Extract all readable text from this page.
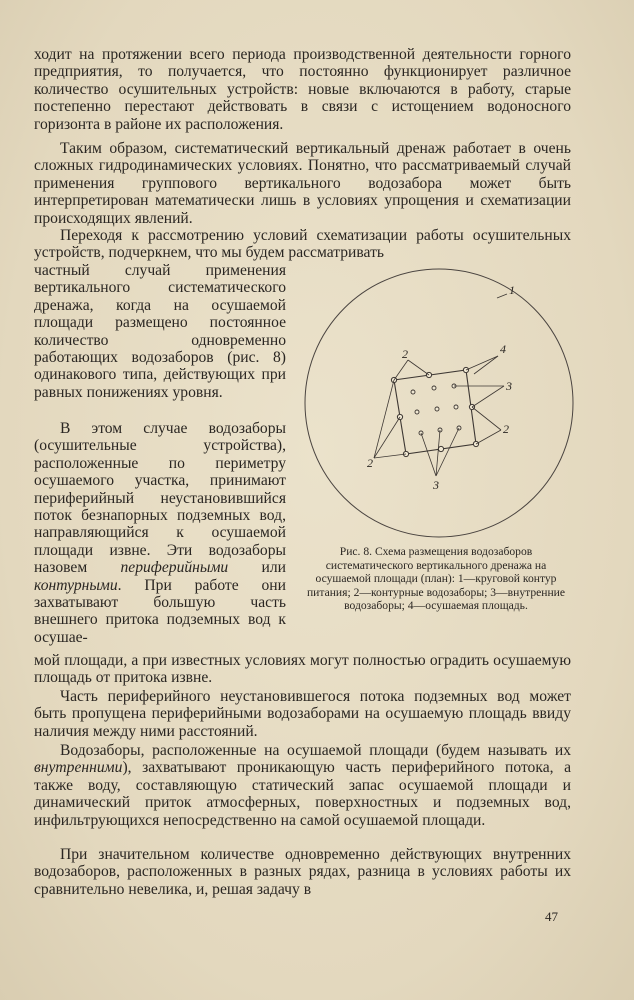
ходит на протяжении всего периода производственной деятельности горного предприятия, то получается, что постоянно функционирует различное количество осушительных устройств: новые включаются в работу, старые постепенно перестают действовать в связи с истощением водоносного горизонта в районе их расположения.

Таким образом, систематический вертикальный дренаж работает в очень сложных гидродинамических условиях. Понятно, что рассматриваемый случай применения группового вертикального водозабора может быть интерпретирован математически лишь в условиях упрощения и схематизации происходящих явлений.

Переходя к рассмотрению условий схематизации работы осушительных устройств, подчеркнем, что мы будем рассматривать

частный случай применения вертикального систематического дренажа, когда на осушаемой площади размещено постоянное количество одновременно работающих водозаборов (рис. 8) одинакового типа, действующих при равных понижениях уровня.

В этом случае водозаборы (осушительные устройства), расположенные по периметру осушаемого участка, принимают периферийный неустановившийся поток безнапорных подземных вод, направляющийся к осушаемой площади извне. Эти водозаборы назовем периферийными или контурными. При работе они захватывают большую часть внешнего притока подземных вод к осушае-

мой площади, а при известных условиях могут полностью оградить осушаемую площадь от притока извне.

Часть периферийного неустановившегося потока подземных вод может быть пропущена периферийными водозаборами на осушаемую площадь ввиду наличия между ними расстояний.

Водозаборы, расположенные на осушаемой площади (будем называть их внутренними), захватывают проникающую часть периферийного потока, а также воду, составляющую статический запас осушаемой площади и динамический приток атмосферных, поверхностных и подземных вод, инфильтрующихся непосредственно на самой осушаемой площади.

При значительном количестве одновременно действующих внутренних водозаборов, расположенных в разных рядах, разница в условиях работы их сравнительно невелика, и, решая задачу в

1
2	4
3
2
2
3
Рис. 8. Схема размещения водозаборов систематического вертикального дренажа на осушаемой площади (план): 1—круговой контур питания; 2—контурные водозаборы; 3—внутренние водозаборы; 4—осушаемая площадь.
47
